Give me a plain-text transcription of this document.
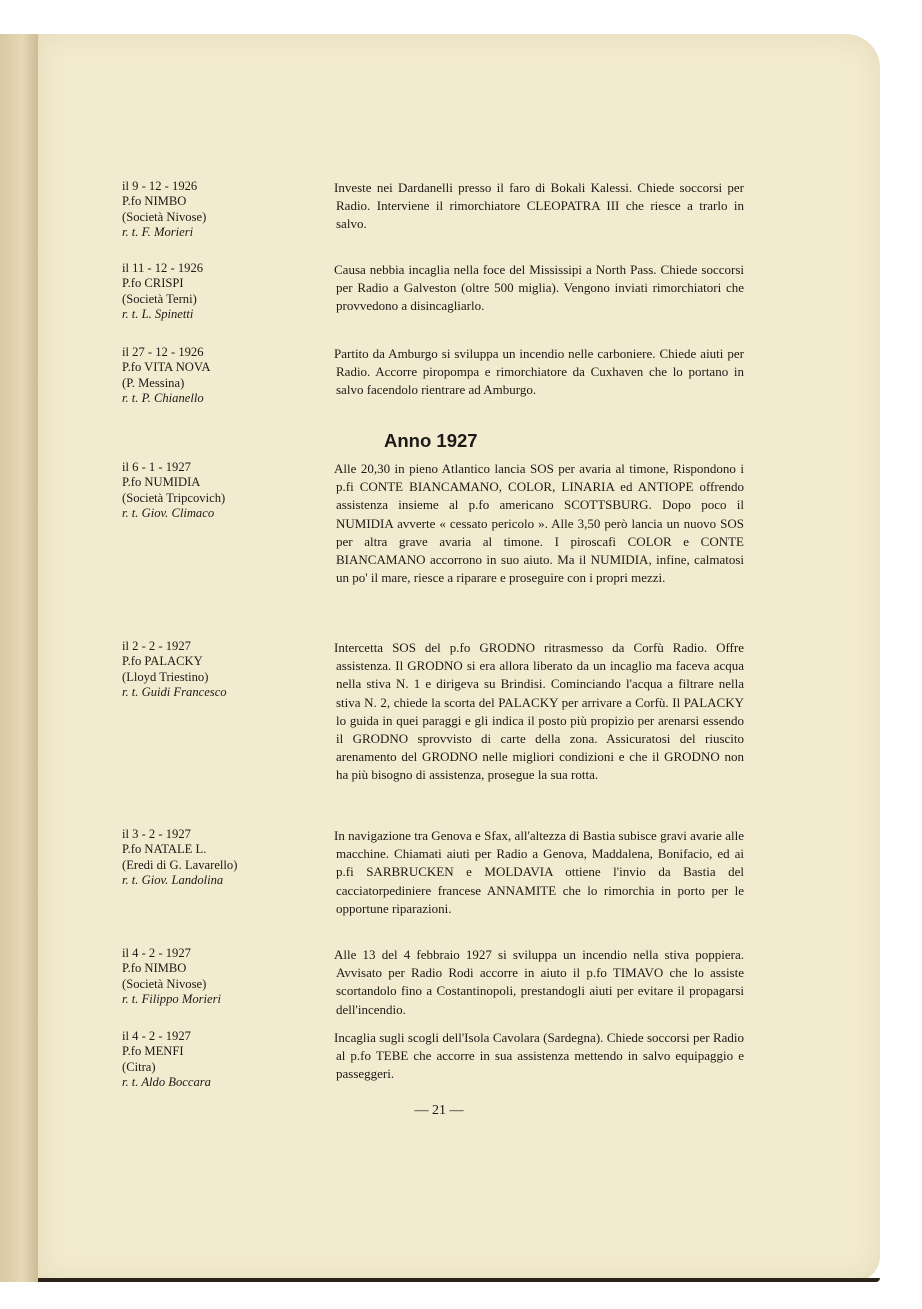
il 9 - 12 - 1926
P.fo NIMBO
(Società Nivose)
r. t. F. Morieri
Investe nei Dardanelli presso il faro di Bokali Kalessi. Chiede soccorsi per Radio. Interviene il rimorchiatore CLEOPATRA III che riesce a trarlo in salvo.
il 11 - 12 - 1926
P.fo CRISPI
(Società Terni)
r. t. L. Spinetti
Causa nebbia incaglia nella foce del Mississipi a North Pass. Chiede soccorsi per Radio a Galveston (oltre 500 miglia). Vengono inviati rimorchiatori che provvedono a disincagliarlo.
il 27 - 12 - 1926
P.fo VITA NOVA
(P. Messina)
r. t. P. Chianello
Partito da Amburgo si sviluppa un incendio nelle carboniere. Chiede aiuti per Radio. Accorre piropompa e rimorchiatore da Cuxhaven che lo portano in salvo facendolo rientrare ad Amburgo.
Anno 1927
il 6 - 1 - 1927
P.fo NUMIDIA
(Società Tripcovich)
r. t. Giov. Climaco
Alle 20,30 in pieno Atlantico lancia SOS per avaria al timone, Rispondono i p.fi CONTE BIANCAMANO, COLOR, LINARIA ed ANTIOPE offrendo assistenza insieme al p.fo americano SCOTTSBURG. Dopo poco il NUMIDIA avverte « cessato pericolo ». Alle 3,50 però lancia un nuovo SOS per altra grave avaria al timone. I piroscafi COLOR e CONTE BIANCAMANO accorrono in suo aiuto. Ma il NUMIDIA, infine, calmatosi un po' il mare, riesce a riparare e proseguire con i propri mezzi.
il 2 - 2 - 1927
P.fo PALACKY
(Lloyd Triestino)
r. t. Guidi Francesco
Intercetta SOS del p.fo GRODNO ritrasmesso da Corfù Radio. Offre assistenza. Il GRODNO si era allora liberato da un incaglio ma faceva acqua nella stiva N. 1 e dirigeva su Brindisi. Cominciando l'acqua a filtrare nella stiva N. 2, chiede la scorta del PALACKY per arrivare a Corfù. Il PALACKY lo guida in quei paraggi e gli indica il posto più propizio per arenarsi essendo il GRODNO sprovvisto di carte della zona. Assicuratosi del riuscito arenamento del GRODNO nelle migliori condizioni e che il GRODNO non ha più bisogno di assistenza, prosegue la sua rotta.
il 3 - 2 - 1927
P.fo NATALE L.
(Eredi di G. Lavarello)
r. t. Giov. Landolina
In navigazione tra Genova e Sfax, all'altezza di Bastia subisce gravi avarie alle macchine. Chiamati aiuti per Radio a Genova, Maddalena, Bonifacio, ed ai p.fi SARBRUCKEN e MOLDAVIA ottiene l'invio da Bastia del cacciatorpediniere francese ANNAMITE che lo rimorchia in porto per le opportune riparazioni.
il 4 - 2 - 1927
P.fo NIMBO
(Società Nivose)
r. t. Filippo Morieri
Alle 13 del 4 febbraio 1927 si sviluppa un incendio nella stiva poppiera. Avvisato per Radio Rodi accorre in aiuto il p.fo TIMAVO che lo assiste scortandolo fino a Costantinopoli, prestandogli aiuti per evitare il propagarsi dell'incendio.
il 4 - 2 - 1927
P.fo MENFI
(Citra)
r. t. Aldo Boccara
Incaglia sugli scogli dell'Isola Cavolara (Sardegna). Chiede soccorsi per Radio al p.fo TEBE che accorre in sua assistenza mettendo in salvo equipaggio e passeggeri.
— 21 —
